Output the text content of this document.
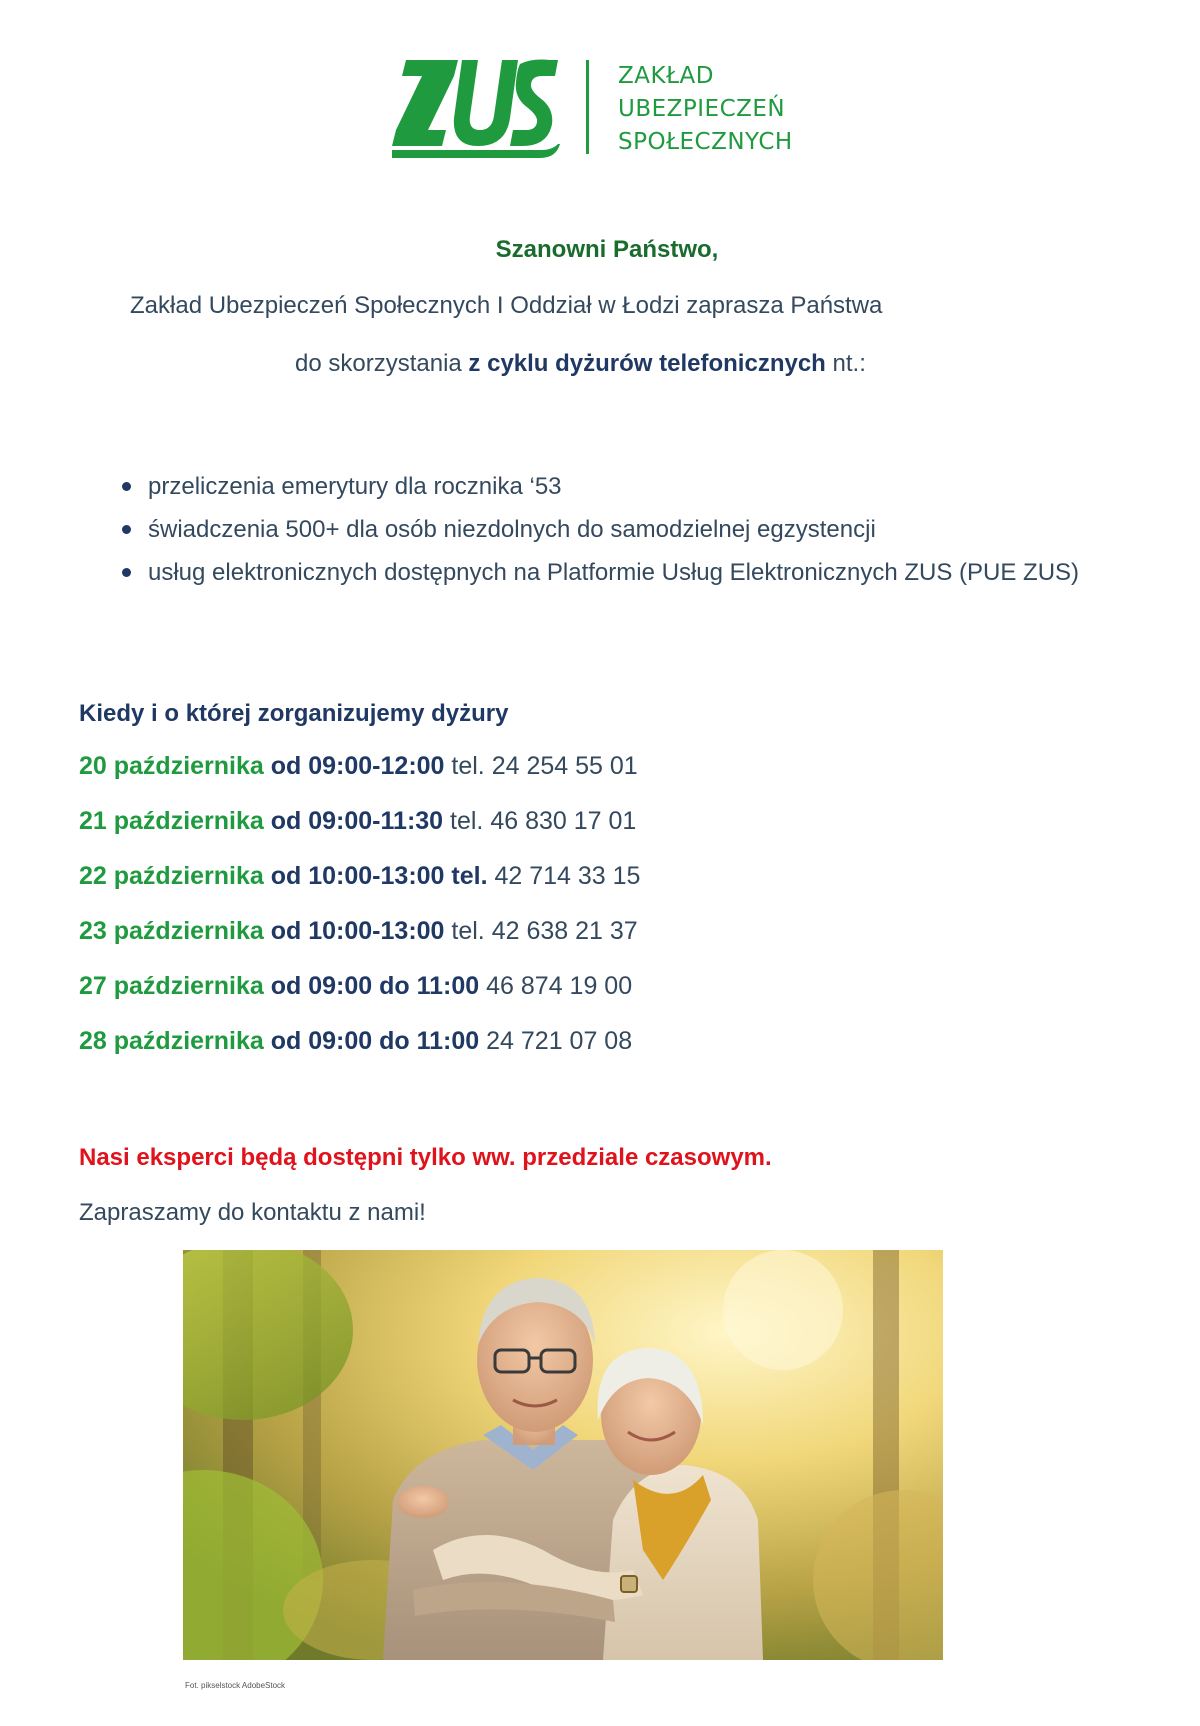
ZAKŁAD
UBEZPIECZEŃ
SPOŁECZNYCH
Szanowni Państwo,
Zakład Ubezpieczeń Społecznych I Oddział w Łodzi zaprasza Państwa
do skorzystania z cyklu dyżurów telefonicznych nt.:
przeliczenia emerytury dla rocznika ‘53
świadczenia 500+ dla osób niezdolnych do samodzielnej egzystencji
usług elektronicznych dostępnych na Platformie Usług Elektronicznych ZUS (PUE ZUS)
Kiedy i o której zorganizujemy dyżury
20 października od 09:00-12:00 tel. 24 254 55 01
21 października od 09:00-11:30 tel. 46 830 17 01
22 października od 10:00-13:00 tel. 42 714 33 15
23 października od 10:00-13:00 tel. 42 638 21 37
27 października od 09:00 do 11:00 46 874 19 00
28 października od 09:00 do 11:00 24 721 07 08
Nasi eksperci będą dostępni tylko ww. przedziale czasowym.
Zapraszamy do kontaktu z nami!
Fot. pikselstock AdobeStock
